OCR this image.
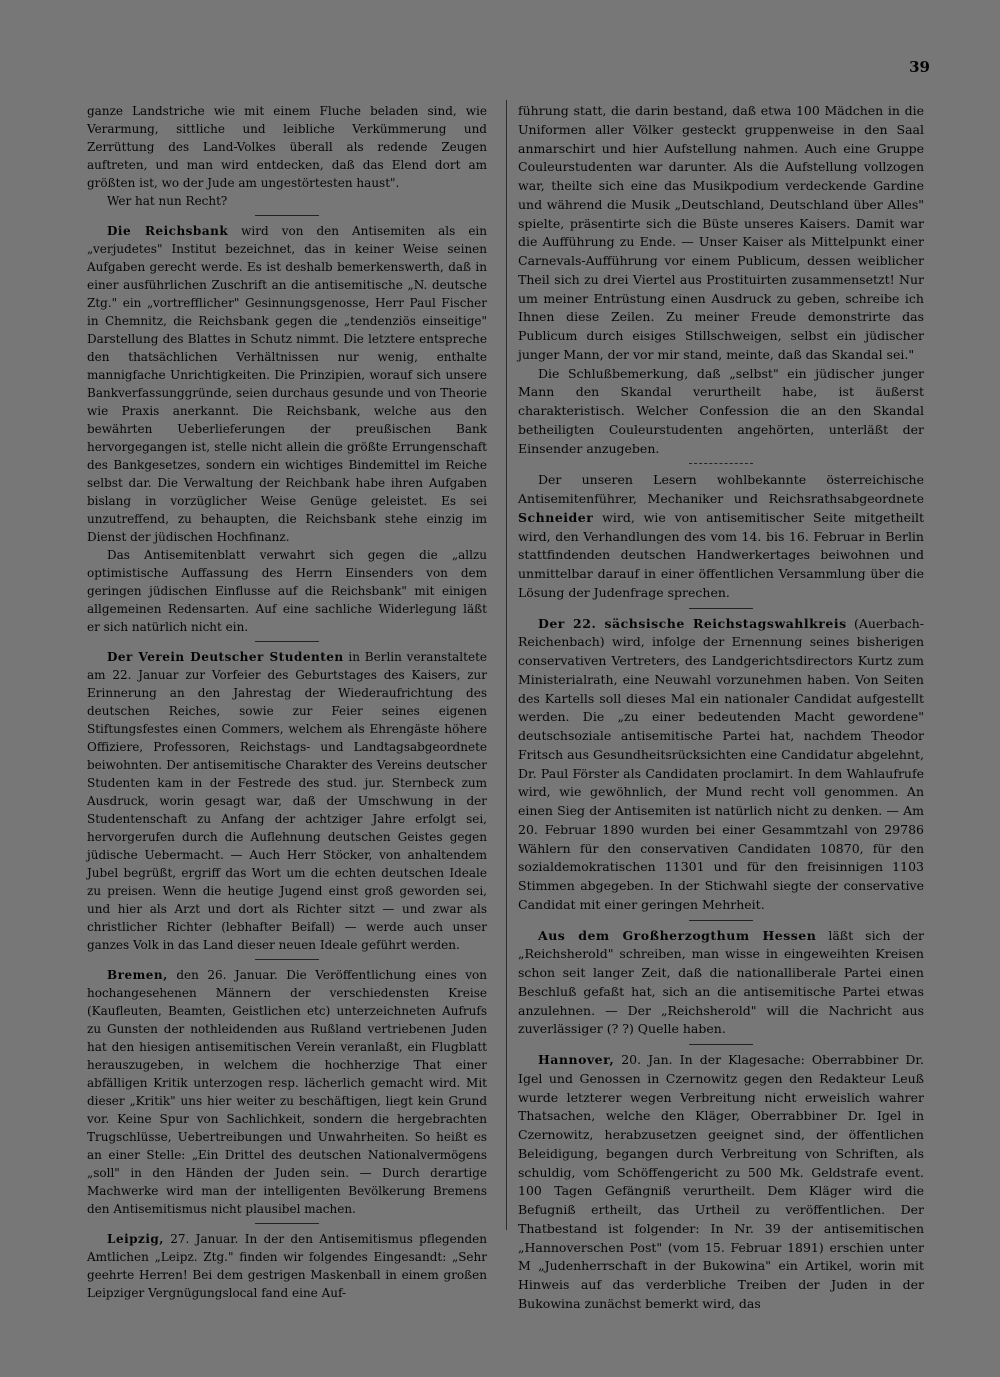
39

ganze Landstriche wie mit einem Fluche beladen sind, wie Verarmung, sittliche und leibliche Verkümmerung und Zerrüttung des Land-Volkes überall als redende Zeugen auftreten, und man wird entdecken, daß das Elend dort am größten ist, wo der Jude am ungestörtesten haust".

Wer hat nun Recht?

Die Reichsbank wird von den Antisemiten als ein „verjudetes" Institut bezeichnet, das in keiner Weise seinen Aufgaben gerecht werde. Es ist deshalb bemerkenswerth, daß in einer ausführlichen Zuschrift an die antisemitische „N. deutsche Ztg." ein „vortrefflicher" Gesinnungsgenosse, Herr Paul Fischer in Chemnitz, die Reichsbank gegen die „tendenziös einseitige" Darstellung des Blattes in Schutz nimmt. Die letztere entspreche den thatsächlichen Verhältnissen nur wenig, enthalte mannigfache Unrichtigkeiten. Die Prinzipien, worauf sich unsere Bankverfassunggründe, seien durchaus gesunde und von Theorie wie Praxis anerkannt. Die Reichsbank, welche aus den bewährten Ueberlieferungen der preußischen Bank hervorgegangen ist, stelle nicht allein die größte Errungenschaft des Bankgesetzes, sondern ein wichtiges Bindemittel im Reiche selbst dar. Die Verwaltung der Reichbank habe ihren Aufgaben bislang in vorzüglicher Weise Genüge geleistet. Es sei unzutreffend, zu behaupten, die Reichsbank stehe einzig im Dienst der jüdischen Hochfinanz.

Das Antisemitenblatt verwahrt sich gegen die „allzu optimistische Auffassung des Herrn Einsenders von dem geringen jüdischen Einflusse auf die Reichsbank" mit einigen allgemeinen Redensarten. Auf eine sachliche Widerlegung läßt er sich natürlich nicht ein.

Der Verein Deutscher Studenten in Berlin veranstaltete am 22. Januar zur Vorfeier des Geburtstages des Kaisers, zur Erinnerung an den Jahrestag der Wiederaufrichtung des deutschen Reiches, sowie zur Feier seines eigenen Stiftungsfestes einen Commers, welchem als Ehrengäste höhere Offiziere, Professoren, Reichstags- und Landtagsabgeordnete beiwohnten. Der antisemitische Charakter des Vereins deutscher Studenten kam in der Festrede des stud. jur. Sternbeck zum Ausdruck, worin gesagt war, daß der Umschwung in der Studentenschaft zu Anfang der achtziger Jahre erfolgt sei, hervorgerufen durch die Auflehnung deutschen Geistes gegen jüdische Uebermacht. — Auch Herr Stöcker, von anhaltendem Jubel begrüßt, ergriff das Wort um die echten deutschen Ideale zu preisen. Wenn die heutige Jugend einst groß geworden sei, und hier als Arzt und dort als Richter sitzt — und zwar als christlicher Richter (lebhafter Beifall) — werde auch unser ganzes Volk in das Land dieser neuen Ideale geführt werden.

Bremen, den 26. Januar. Die Veröffentlichung eines von hochangesehenen Männern der verschiedensten Kreise (Kaufleuten, Beamten, Geistlichen etc) unterzeichneten Aufrufs zu Gunsten der nothleidenden aus Rußland vertriebenen Juden hat den hiesigen antisemitischen Verein veranlaßt, ein Flugblatt herauszugeben, in welchem die hochherzige That einer abfälligen Kritik unterzogen resp. lächerlich gemacht wird. Mit dieser „Kritik" uns hier weiter zu beschäftigen, liegt kein Grund vor. Keine Spur von Sachlichkeit, sondern die hergebrachten Trugschlüsse, Uebertreibungen und Unwahrheiten. So heißt es an einer Stelle: „Ein Drittel des deutschen Nationalvermögens „soll" in den Händen der Juden sein. — Durch derartige Machwerke wird man der intelligenten Bevölkerung Bremens den Antisemitismus nicht plausibel machen.

Leipzig, 27. Januar. In der den Antisemitismus pflegenden Amtlichen „Leipz. Ztg." finden wir folgendes Eingesandt: „Sehr geehrte Herren! Bei dem gestrigen Maskenball in einem großen Leipziger Vergnügungslocal fand eine Auf-

führung statt, die darin bestand, daß etwa 100 Mädchen in die Uniformen aller Völker gesteckt gruppenweise in den Saal anmarschirt und hier Aufstellung nahmen. Auch eine Gruppe Couleurstudenten war darunter. Als die Aufstellung vollzogen war, theilte sich eine das Musikpodium verdeckende Gardine und während die Musik „Deutschland, Deutschland über Alles" spielte, präsentirte sich die Büste unseres Kaisers. Damit war die Aufführung zu Ende. — Unser Kaiser als Mittelpunkt einer Carnevals-Aufführung vor einem Publicum, dessen weiblicher Theil sich zu drei Viertel aus Prostituirten zusammensetzt! Nur um meiner Entrüstung einen Ausdruck zu geben, schreibe ich Ihnen diese Zeilen. Zu meiner Freude demonstrirte das Publicum durch eisiges Stillschweigen, selbst ein jüdischer junger Mann, der vor mir stand, meinte, daß das Skandal sei."

Die Schlußbemerkung, daß „selbst" ein jüdischer junger Mann den Skandal verurtheilt habe, ist äußerst charakteristisch. Welcher Confession die an den Skandal betheiligten Couleurstudenten angehörten, unterläßt der Einsender anzugeben.

Der unseren Lesern wohlbekannte österreichische Antisemitenführer, Mechaniker und Reichsrathsabgeordnete Schneider wird, wie von antisemitischer Seite mitgetheilt wird, den Verhandlungen des vom 14. bis 16. Februar in Berlin stattfindenden deutschen Handwerkertages beiwohnen und unmittelbar darauf in einer öffentlichen Versammlung über die Lösung der Judenfrage sprechen.

Der 22. sächsische Reichstagswahlkreis (Auerbach-Reichenbach) wird, infolge der Ernennung seines bisherigen conservativen Vertreters, des Landgerichtsdirectors Kurtz zum Ministerialrath, eine Neuwahl vorzunehmen haben. Von Seiten des Kartells soll dieses Mal ein nationaler Candidat aufgestellt werden. Die „zu einer bedeutenden Macht gewordene" deutschsoziale antisemitische Partei hat, nachdem Theodor Fritsch aus Gesundheitsrücksichten eine Candidatur abgelehnt, Dr. Paul Förster als Candidaten proclamirt. In dem Wahlaufrufe wird, wie gewöhnlich, der Mund recht voll genommen. An einen Sieg der Antisemiten ist natürlich nicht zu denken. — Am 20. Februar 1890 wurden bei einer Gesammtzahl von 29786 Wählern für den conservativen Candidaten 10870, für den sozialdemokratischen 11301 und für den freisinnigen 1103 Stimmen abgegeben. In der Stichwahl siegte der conservative Candidat mit einer geringen Mehrheit.

Aus dem Großherzogthum Hessen läßt sich der „Reichsherold" schreiben, man wisse in eingeweihten Kreisen schon seit langer Zeit, daß die nationalliberale Partei einen Beschluß gefaßt hat, sich an die antisemitische Partei etwas anzulehnen. — Der „Reichsherold" will die Nachricht aus zuverlässiger (? ?) Quelle haben.

Hannover, 20. Jan. In der Klagesache: Oberrabbiner Dr. Igel und Genossen in Czernowitz gegen den Redakteur Leuß wurde letzterer wegen Verbreitung nicht erweislich wahrer Thatsachen, welche den Kläger, Oberrabbiner Dr. Igel in Czernowitz, herabzusetzen geeignet sind, der öffentlichen Beleidigung, begangen durch Verbreitung von Schriften, als schuldig, vom Schöffengericht zu 500 Mk. Geldstrafe event. 100 Tagen Gefängniß verurtheilt. Dem Kläger wird die Befugniß ertheilt, das Urtheil zu veröffentlichen. Der Thatbestand ist folgender: In Nr. 39 der antisemitischen „Hannoverschen Post" (vom 15. Februar 1891) erschien unter M „Judenherrschaft in der Bukowina" ein Artikel, worin mit Hinweis auf das verderbliche Treiben der Juden in der Bukowina zunächst bemerkt wird, das
